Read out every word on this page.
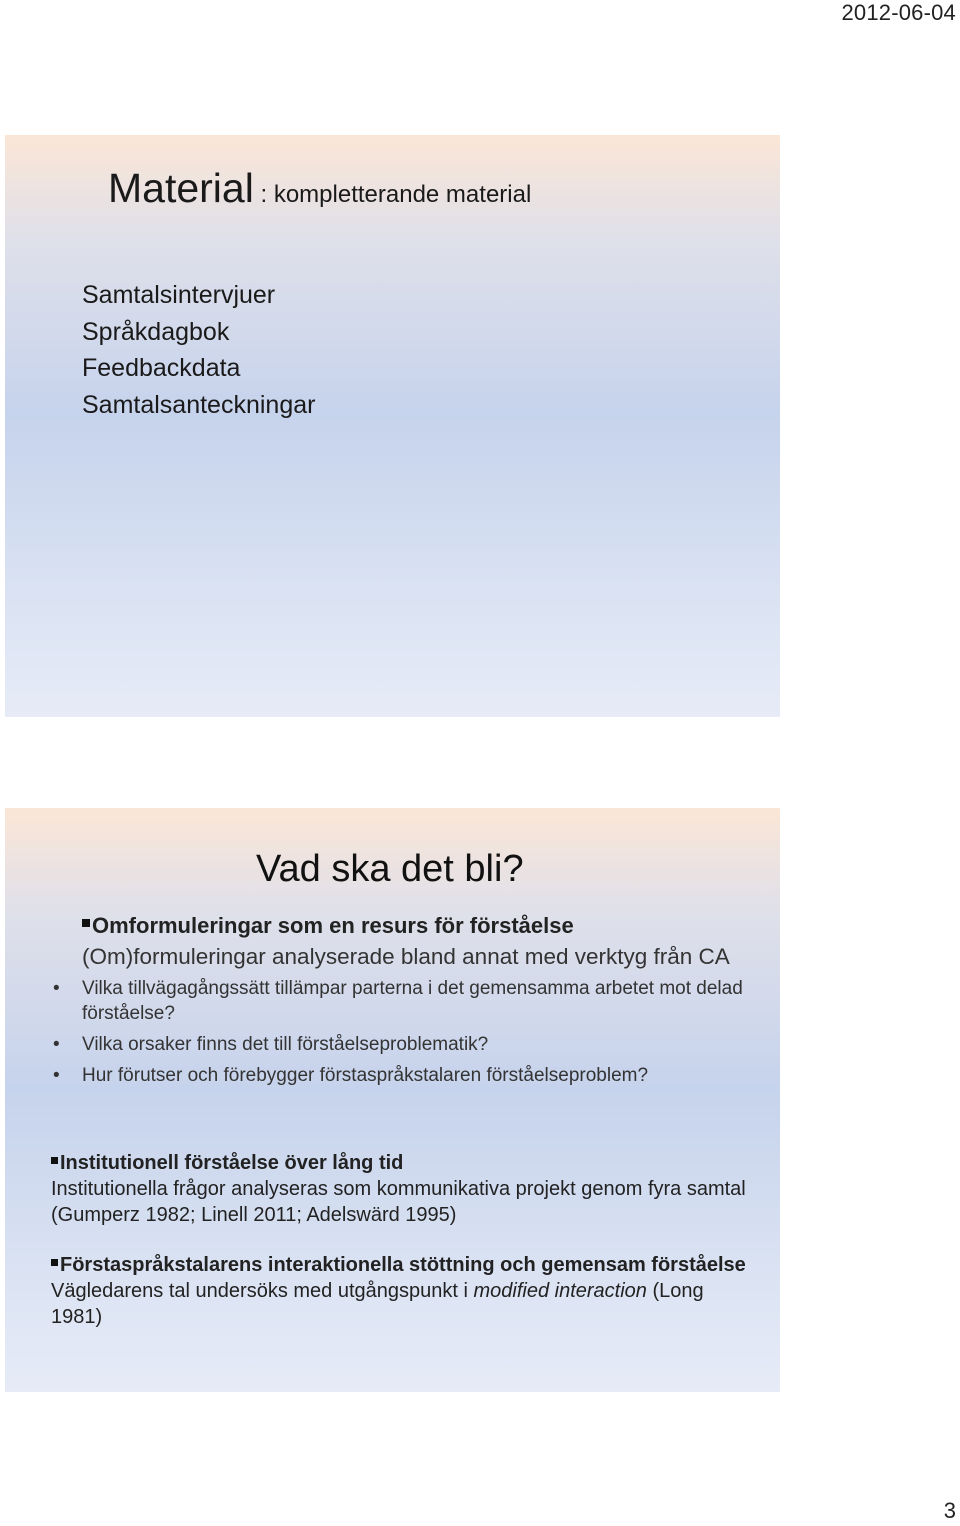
2012-06-04
Material : kompletterande material
Samtalsintervjuer
Språkdagbok
Feedbackdata
Samtalsanteckningar
Vad ska det bli?
Omformuleringar som en resurs för förståelse
(Om)formuleringar analyserade bland annat med verktyg från CA
• Vilka tillvägagångssätt tillämpar parterna i det gemensamma arbetet mot delad förståelse?
• Vilka orsaker finns det till förståelseproblematik?
• Hur förutser och förebygger förstaspråkstalaren förståelseproblem?
Institutionell förståelse över lång tid
Institutionella frågor analyseras som kommunikativa projekt genom fyra samtal (Gumperz 1982; Linell 2011; Adelswärd 1995)
Förstaspråkstalarens interaktionella stöttning och gemensam förståelse
Vägledarens tal undersöks med utgångspunkt i modified interaction (Long 1981)
3
